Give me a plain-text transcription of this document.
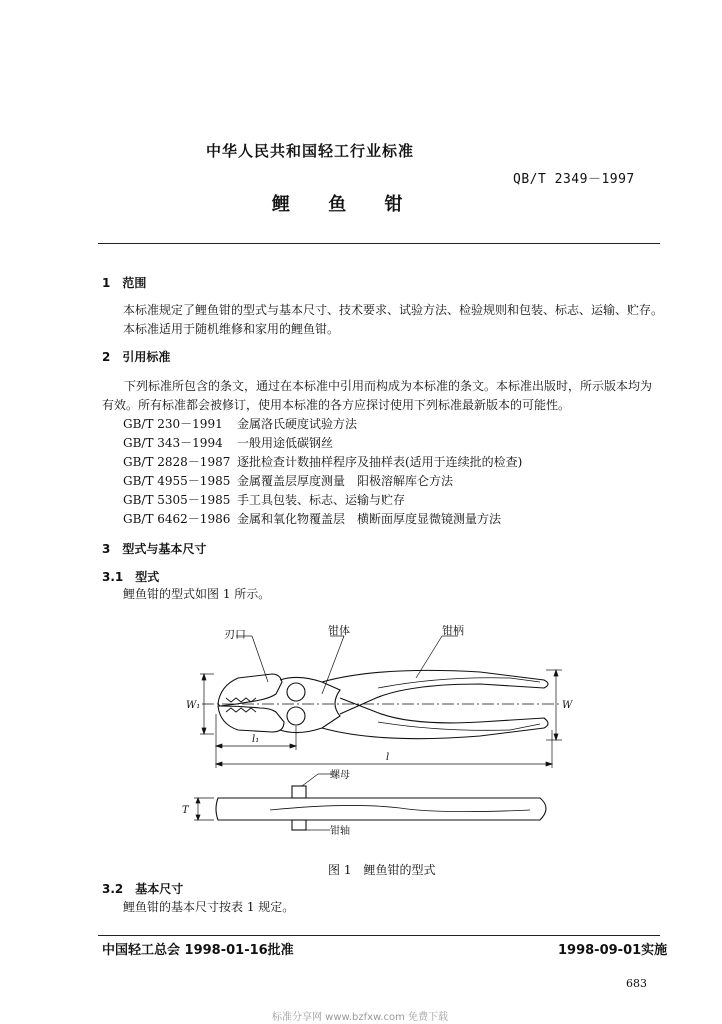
中华人民共和国轻工行业标准
QB/T 2349－1997
鲤 鱼 钳
1　范围
本标准规定了鲤鱼钳的型式与基本尺寸、技术要求、试验方法、检验规则和包装、标志、运输、贮存。
本标准适用于随机维修和家用的鲤鱼钳。
2　引用标准
下列标准所包含的条文，通过在本标准中引用而构成为本标准的条文。本标准出版时，所示版本均为有效。所有标准都会被修订，使用本标准的各方应探讨使用下列标准最新版本的可能性。
GB/T 230－1991 金属洛氏硬度试验方法
GB/T 343－1994 一般用途低碳钢丝
GB/T 2828－1987 逐批检查计数抽样程序及抽样表(适用于连续批的检查)
GB/T 4955－1985 金属覆盖层厚度测量　阳极溶解库仑方法
GB/T 5305－1985 手工具包装、标志、运输与贮存
GB/T 6462－1986 金属和氧化物覆盖层　横断面厚度显微镜测量方法
3　型式与基本尺寸
3.1　型式
鲤鱼钳的型式如图 1 所示。
刃口	钳体	钳柄
W₁	W
l₁
l
T
螺母
钳轴
图 1　鲤鱼钳的型式
3.2　基本尺寸
鲤鱼钳的基本尺寸按表 1 规定。
中国轻工总会 1998-01-16批准	1998-09-01实施
683
标准分享网 www.bzfxw.com 免费下载
